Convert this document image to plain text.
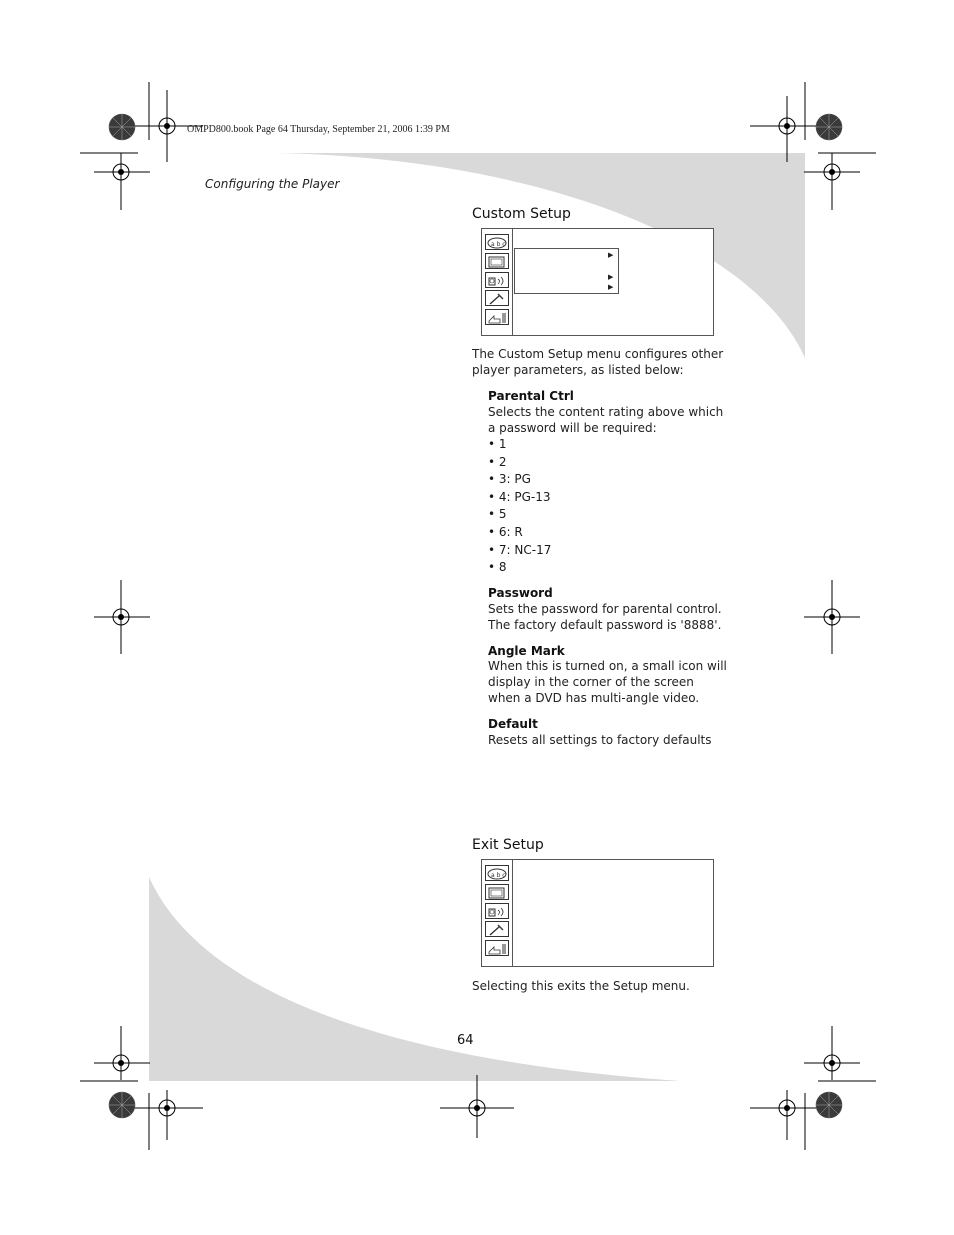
OMPD800.book Page 64 Thursday, September 21, 2006 1:39 PM
Configuring the Player
Custom Setup
a b c
▶
▶
▶
The Custom Setup menu configures other player parameters, as listed below:
Parental Ctrl
Selects the content rating above which a password will be required:
• 1
• 2
• 3: PG
• 4: PG-13
• 5
• 6: R
• 7: NC-17
• 8
Password
Sets the password for parental control. The factory default password is '8888'.
Angle Mark
When this is turned on, a small icon will display in the corner of the screen when a DVD has multi-angle video.
Default
Resets all settings to factory defaults
Exit Setup
a b c
Selecting this exits the Setup menu.
64
